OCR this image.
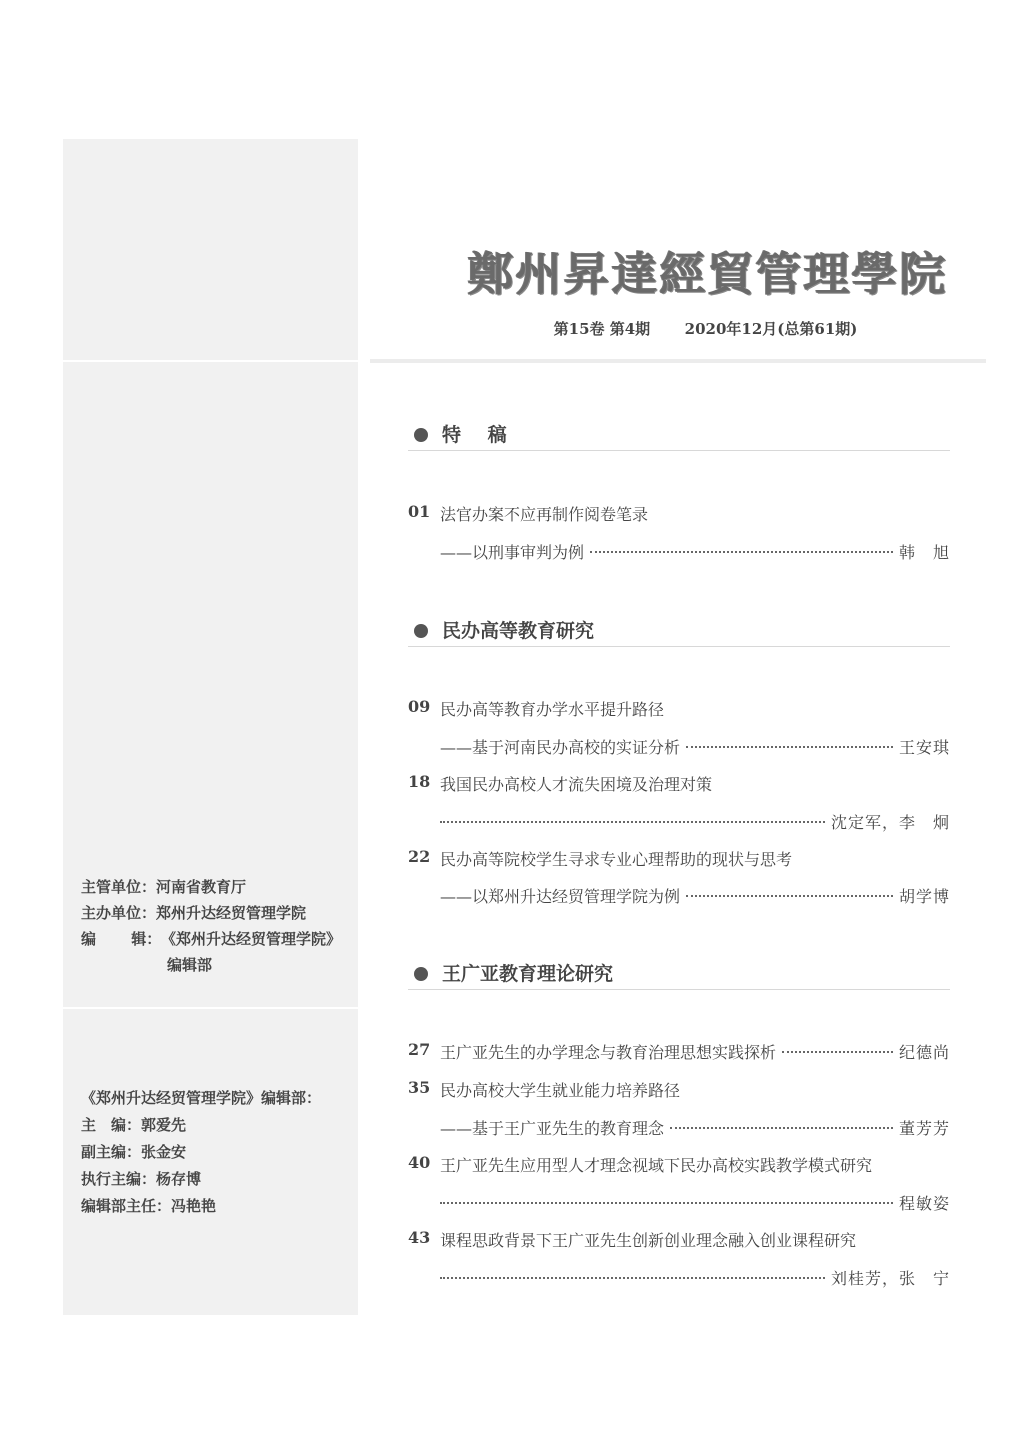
主管单位：河南省教育厅
主办单位：郑州升达经贸管理学院
编　　 辑：《郑州升达经贸管理学院》
编辑部
《郑州升达经贸管理学院》编辑部：
主　编：郭爱先
副主编：张金安
执行主编：杨存博
编辑部主任：冯艳艳
鄭州昇達經貿管理學院
第15卷 第4期 2020年12月(总第61期)
特 稿
民办高等教育研究
王广亚教育理论研究
01 法官办案不应再制作阅卷笔录
——以刑事审判为例	韩　旭
09 民办高等教育办学水平提升路径
——基于河南民办高校的实证分析	王安琪
18 我国民办高校人才流失困境及治理对策
沈定军，李　炯
22 民办高等院校学生寻求专业心理帮助的现状与思考
——以郑州升达经贸管理学院为例	胡学博
27 王广亚先生的办学理念与教育治理思想实践探析	纪德尚
35 民办高校大学生就业能力培养路径
——基于王广亚先生的教育理念	董芳芳
40 王广亚先生应用型人才理念视域下民办高校实践教学模式研究
程敏姿
43 课程思政背景下王广亚先生创新创业理念融入创业课程研究
刘桂芳，张　宁
